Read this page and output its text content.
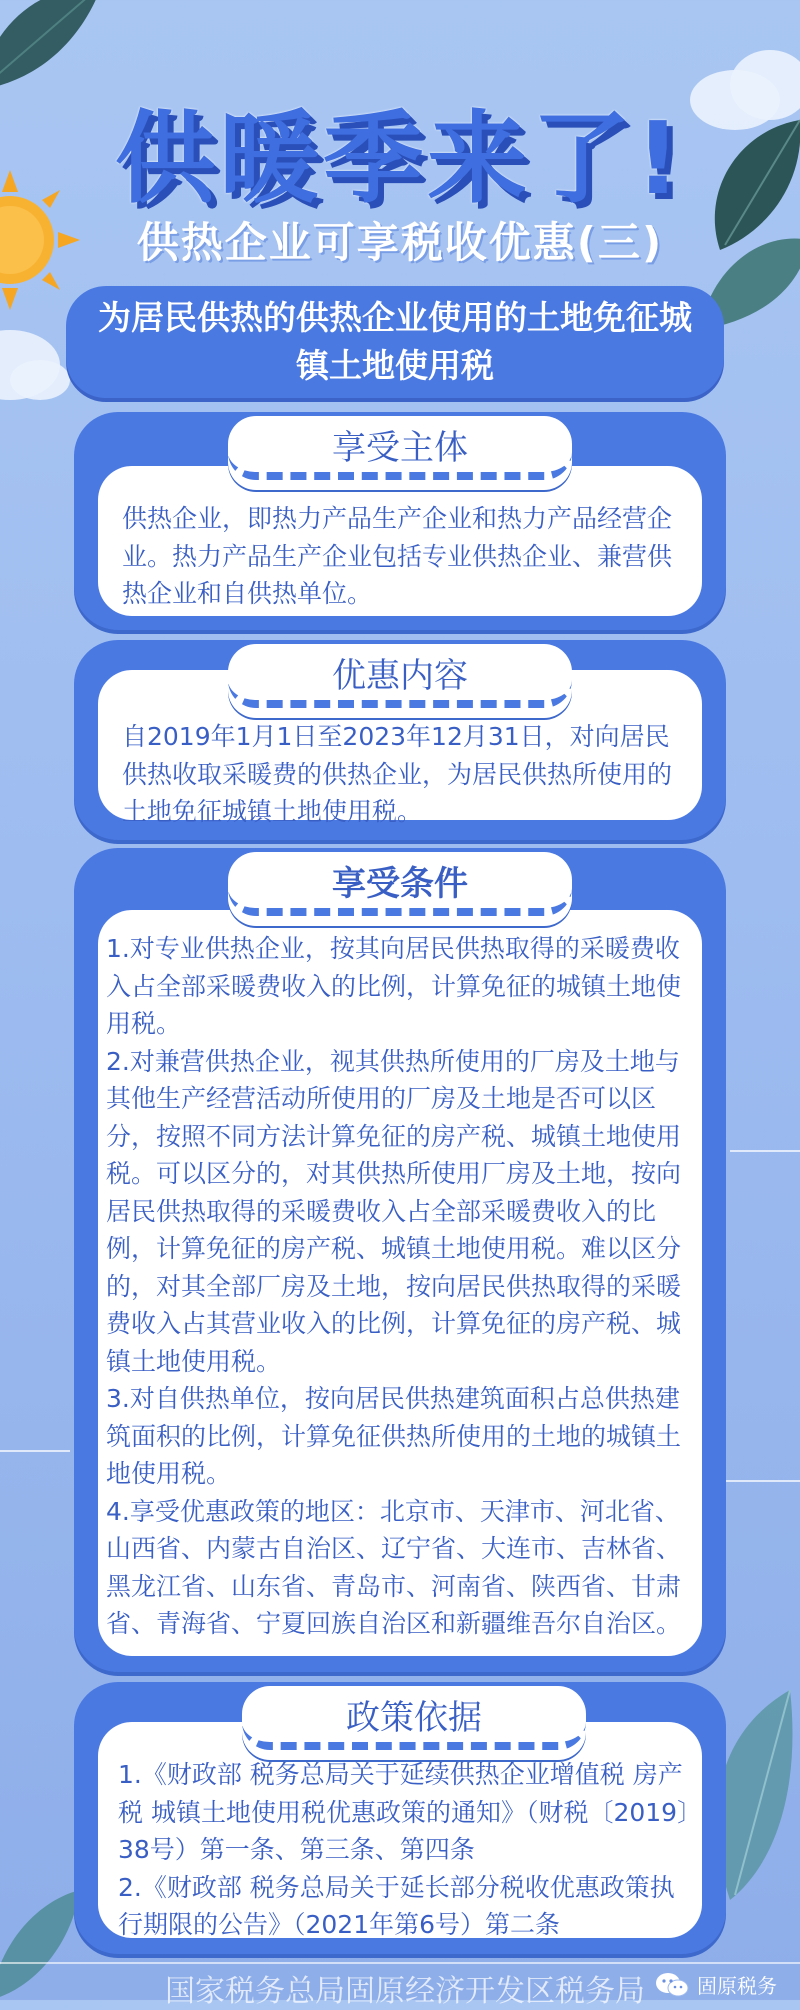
供暖季来了!
供热企业可享税收优惠(三)
为居民供热的供热企业使用的土地免征城镇土地使用税
供热企业，即热力产品生产企业和热力产品经营企业。热力产品生产企业包括专业供热企业、兼营供热企业和自供热单位。
享受主体
自2019年1月1日至2023年12月31日，对向居民供热收取采暖费的供热企业，为居民供热所使用的土地免征城镇土地使用税。
优惠内容
1.对专业供热企业，按其向居民供热取得的采暖费收入占全部采暖费收入的比例，计算免征的城镇土地使用税。
2.对兼营供热企业，视其供热所使用的厂房及土地与其他生产经营活动所使用的厂房及土地是否可以区分，按照不同方法计算免征的房产税、城镇土地使用税。可以区分的，对其供热所使用厂房及土地，按向居民供热取得的采暖费收入占全部采暖费收入的比例，计算免征的房产税、城镇土地使用税。难以区分的，对其全部厂房及土地，按向居民供热取得的采暖费收入占其营业收入的比例，计算免征的房产税、城镇土地使用税。
3.对自供热单位，按向居民供热建筑面积占总供热建筑面积的比例，计算免征供热所使用的土地的城镇土地使用税。
4.享受优惠政策的地区：北京市、天津市、河北省、山西省、内蒙古自治区、辽宁省、大连市、吉林省、黑龙江省、山东省、青岛市、河南省、陕西省、甘肃省、青海省、宁夏回族自治区和新疆维吾尔自治区。
享受条件
1.《财政部 税务总局关于延续供热企业增值税 房产税 城镇土地使用税优惠政策的通知》（财税〔2019〕38号）第一条、第三条、第四条
2.《财政部 税务总局关于延长部分税收优惠政策执行期限的公告》（2021年第6号）第二条
政策依据
国家税务总局固原经济开发区税务局	固原税务
